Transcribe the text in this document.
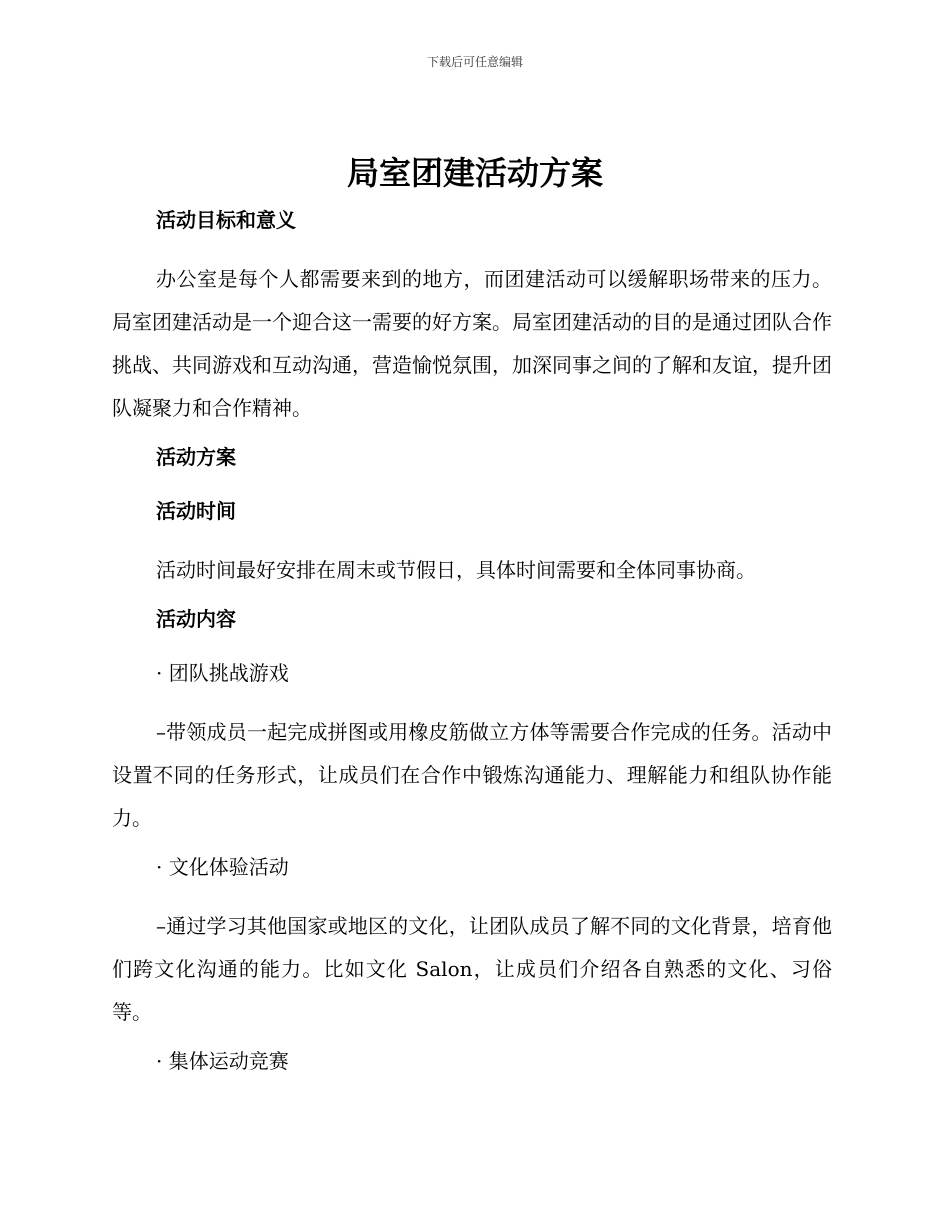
下载后可任意编辑
局室团建活动方案
活动目标和意义

办公室是每个人都需要来到的地方，而团建活动可以缓解职场带来的压力。局室团建活动是一个迎合这一需要的好方案。局室团建活动的目的是通过团队合作挑战、共同游戏和互动沟通，营造愉悦氛围，加深同事之间的了解和友谊，提升团队凝聚力和合作精神。

活动方案
活动时间

活动时间最好安排在周末或节假日，具体时间需要和全体同事协商。

活动内容
· 团队挑战游戏

–带领成员一起完成拼图或用橡皮筋做立方体等需要合作完成的任务。活动中设置不同的任务形式，让成员们在合作中锻炼沟通能力、理解能力和组队协作能力。

· 文化体验活动

–通过学习其他国家或地区的文化，让团队成员了解不同的文化背景，培育他们跨文化沟通的能力。比如文化 Salon，让成员们介绍各自熟悉的文化、习俗等。

· 集体运动竞赛
